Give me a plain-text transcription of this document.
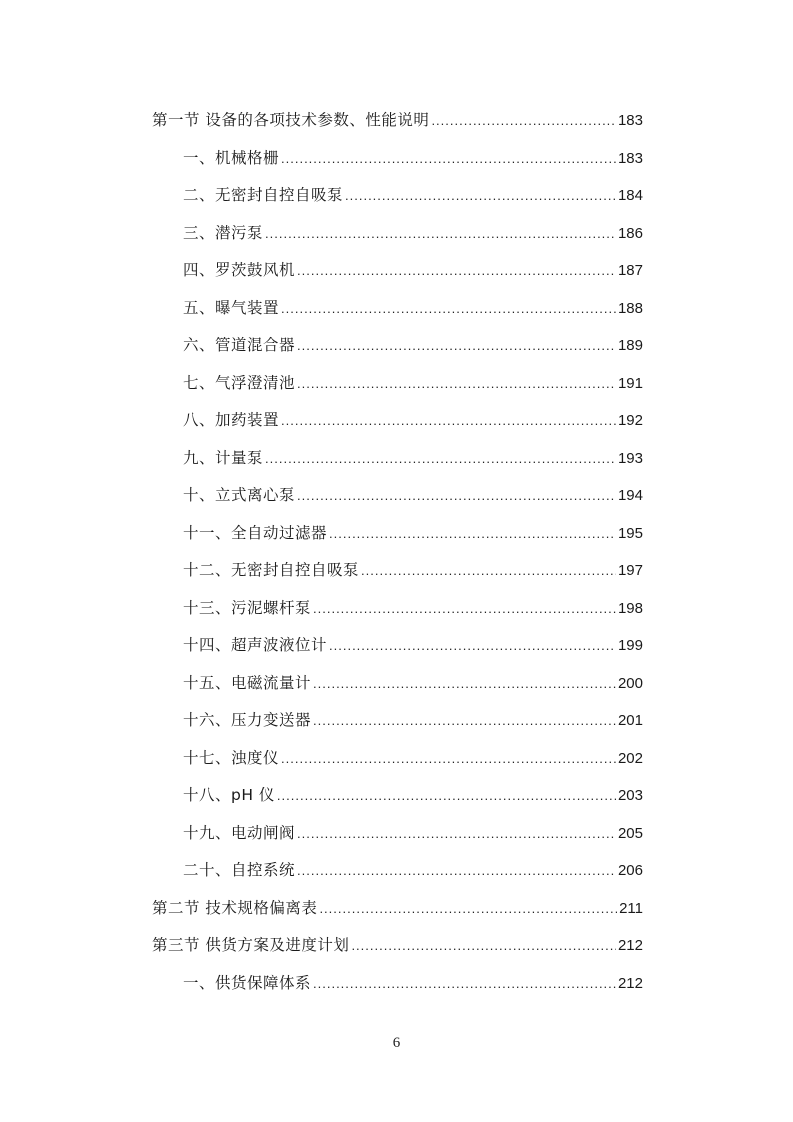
第一节 设备的各项技术参数、性能说明 .....	183
一、机械格栅 .....	183
二、无密封自控自吸泵 .....	184
三、潜污泵 .....	186
四、罗茨鼓风机 .....	187
五、曝气装置 .....	188
六、管道混合器 .....	189
七、气浮澄清池 .....	191
八、加药装置 .....	192
九、计量泵 .....	193
十、立式离心泵 .....	194
十一、全自动过滤器 .....	195
十二、无密封自控自吸泵 .....	197
十三、污泥螺杆泵 .....	198
十四、超声波液位计 .....	199
十五、电磁流量计 .....	200
十六、压力变送器 .....	201
十七、浊度仪 .....	202
十八、pH 仪 .....	203
十九、电动闸阀 .....	205
二十、自控系统 .....	206
第二节 技术规格偏离表 .....	211
第三节 供货方案及进度计划 .....	212
一、供货保障体系 .....	212
6
